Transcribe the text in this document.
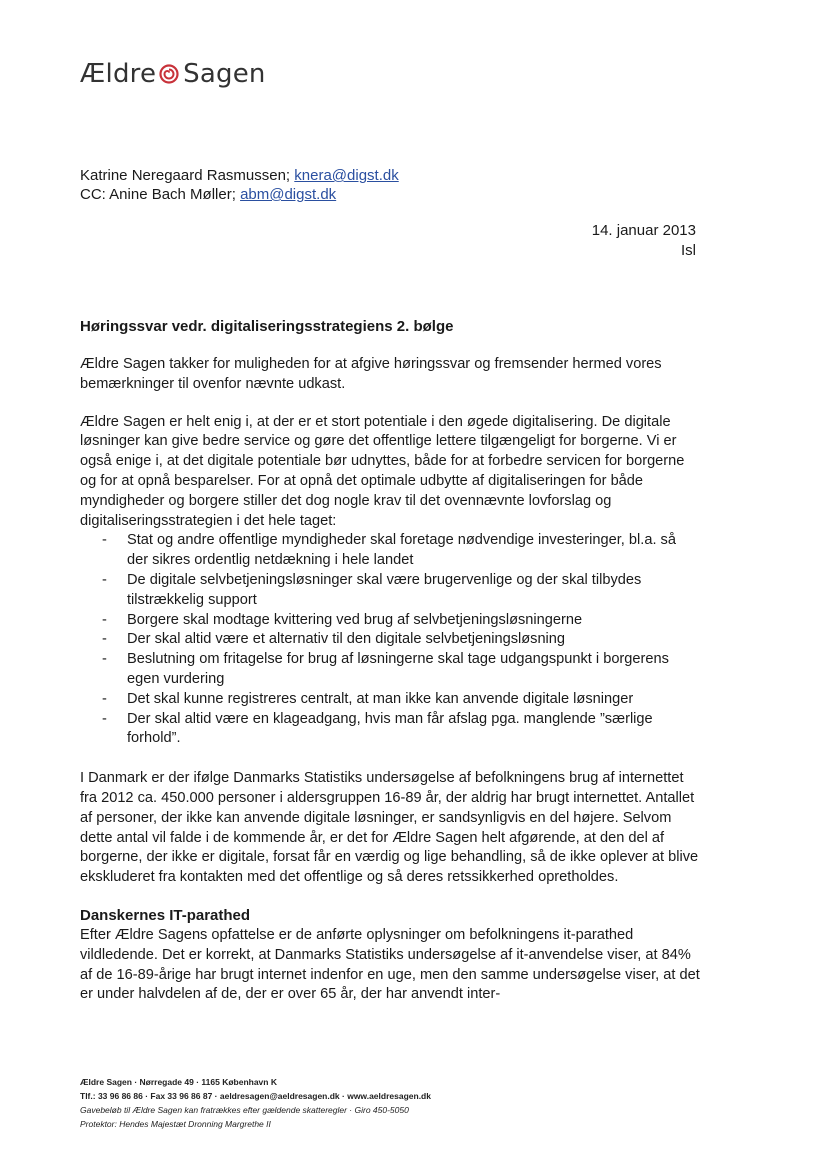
Ældre Sagen
Katrine Neregaard Rasmussen; knera@digst.dk
CC: Anine Bach Møller; abm@digst.dk
14. januar 2013
Isl
Høringssvar vedr. digitaliseringsstrategiens 2. bølge

Ældre Sagen takker for muligheden for at afgive høringssvar og fremsender hermed vores bemærkninger til ovenfor nævnte udkast.

Ældre Sagen er helt enig i, at der er et stort potentiale i den øgede digitalisering. De digitale løsninger kan give bedre service og gøre det offentlige lettere tilgængeligt for borgerne. Vi er også enige i, at det digitale potentiale bør udnyttes, både for at forbedre servicen for borgerne og for at opnå besparelser. For at opnå det optimale udbytte af digitaliseringen for både myndigheder og borgere stiller det dog nogle krav til det ovennævnte lovforslag og digitaliseringsstrategien i det hele taget:

- Stat og andre offentlige myndigheder skal foretage nødvendige investeringer, bl.a. så der sikres ordentlig netdækning i hele landet
- De digitale selvbetjeningsløsninger skal være brugervenlige og der skal tilbydes tilstrækkelig support
- Borgere skal modtage kvittering ved brug af selvbetjeningsløsningerne
- Der skal altid være et alternativ til den digitale selvbetjeningsløsning
- Beslutning om fritagelse for brug af løsningerne skal tage udgangspunkt i borgerens egen vurdering
- Det skal kunne registreres centralt, at man ikke kan anvende digitale løsninger
- Der skal altid være en klageadgang, hvis man får afslag pga. manglende ”særlige forhold”.

I Danmark er der ifølge Danmarks Statistiks undersøgelse af befolkningens brug af internettet fra 2012 ca. 450.000 personer i aldersgruppen 16-89 år, der aldrig har brugt internettet. Antallet af personer, der ikke kan anvende digitale løsninger, er sandsynligvis en del højere. Selvom dette antal vil falde i de kommende år, er det for Ældre Sagen helt afgørende, at den del af borgerne, der ikke er digitale, forsat får en værdig og lige behandling, så de ikke oplever at blive ekskluderet fra kontakten med det offentlige og så deres retssikkerhed opretholdes.

Danskernes IT-parathed

Efter Ældre Sagens opfattelse er de anførte oplysninger om befolkningens it-parathed vildledende. Det er korrekt, at Danmarks Statistiks undersøgelse af it-anvendelse viser, at 84% af de 16-89-årige har brugt internet indenfor en uge, men den samme undersøgelse viser, at det er under halvdelen af de, der er over 65 år, der har anvendt inter-

Ældre Sagen · Nørregade 49 · 1165 København K
Tlf.: 33 96 86 86 · Fax 33 96 86 87 · aeldresagen@aeldresagen.dk · www.aeldresagen.dk
Gavebeløb til Ældre Sagen kan fratrækkes efter gældende skatteregler · Giro 450-5050
Protektor: Hendes Majestæt Dronning Margrethe II
